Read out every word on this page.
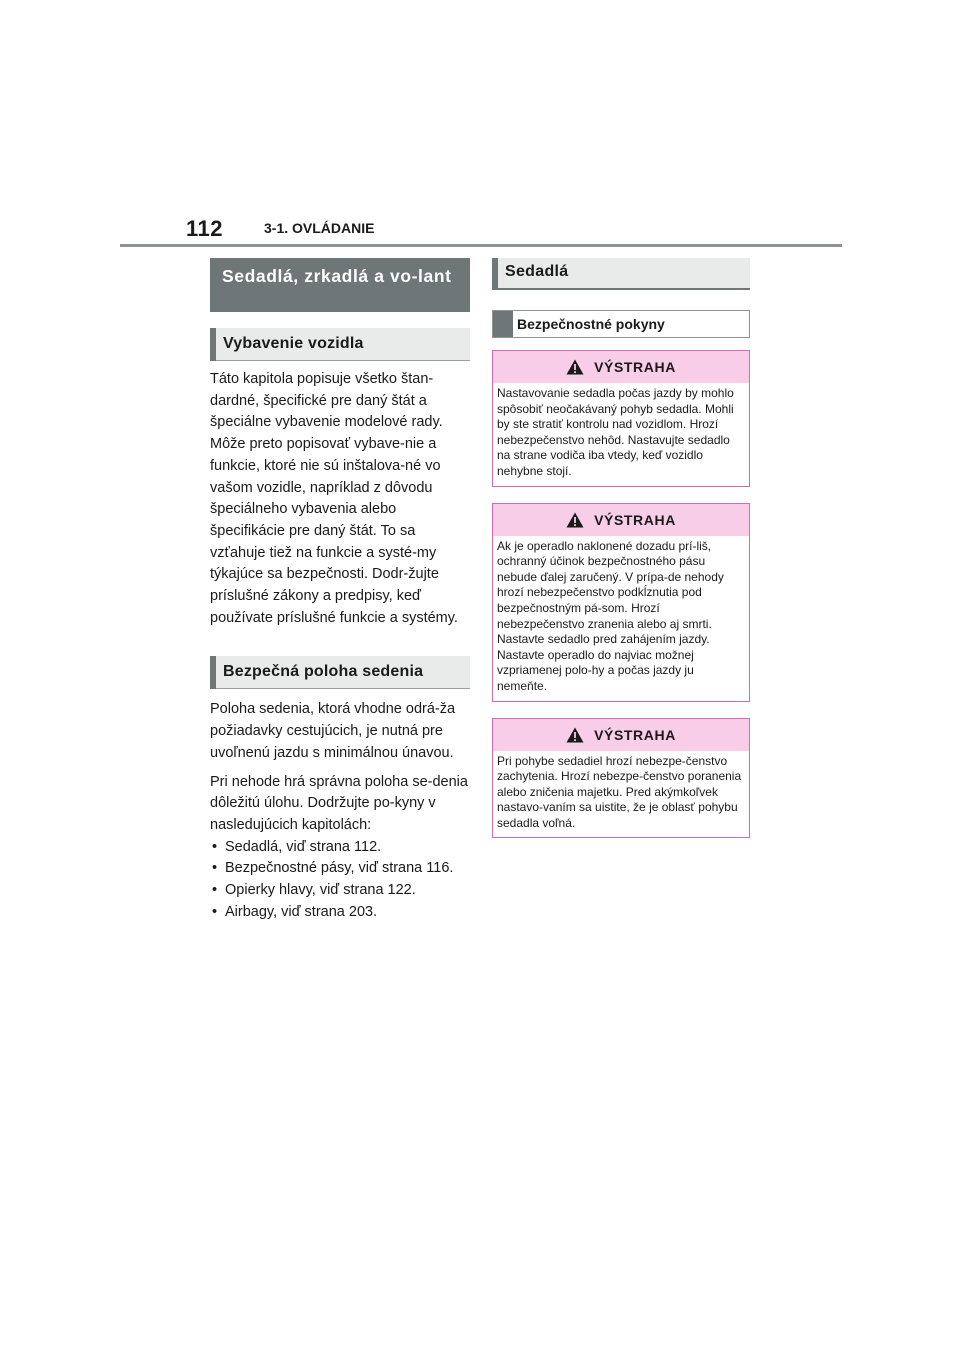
112	3-1. OVLÁDANIE
Sedadlá, zrkadlá a vo-lant
Vybavenie vozidla

Táto kapitola popisuje všetko štan-dardné, špecifické pre daný štát a špeciálne vybavenie modelové rady. Môže preto popisovať vybave-nie a funkcie, ktoré nie sú inštalova-né vo vašom vozidle, napríklad z dôvodu špeciálneho vybavenia alebo špecifikácie pre daný štát. To sa vzťahuje tiež na funkcie a systé-my týkajúce sa bezpečnosti. Dodr-žujte príslušné zákony a predpisy, keď používate príslušné funkcie a systémy.

Bezpečná poloha sedenia

Poloha sedenia, ktorá vhodne odrá-ža požiadavky cestujúcich, je nutná pre uvoľnenú jazdu s minimálnou únavou.

Pri nehode hrá správna poloha se-denia dôležitú úlohu. Dodržujte po-kyny v nasledujúcich kapitolách:

• Sedadlá, viď strana 112.
• Bezpečnostné pásy, viď strana 116.
• Opierky hlavy, viď strana 122.
• Airbagy, viď strana 203.
Sedadlá
Bezpečnostné pokyny
VÝSTRAHA
Nastavovanie sedadla počas jazdy by mohlo spôsobiť neočakávaný pohyb sedadla. Mohli by ste stratiť kontrolu nad vozidlom. Hrozí nebezpečenstvo nehôd. Nastavujte sedadlo na strane vodiča iba vtedy, keď vozidlo nehybne stojí.
VÝSTRAHA
Ak je operadlo naklonené dozadu prí-liš, ochranný účinok bezpečnostného pásu nebude ďalej zaručený. V prípa-de nehody hrozí nebezpečenstvo podkĺznutia pod bezpečnostným pá-som. Hrozí nebezpečenstvo zranenia alebo aj smrti. Nastavte sedadlo pred zahájením jazdy. Nastavte operadlo do najviac možnej vzpriamenej polo-hy a počas jazdy ju nemeňte.
VÝSTRAHA
Pri pohybe sedadiel hrozí nebezpe-čenstvo zachytenia. Hrozí nebezpe-čenstvo poranenia alebo zničenia majetku. Pred akýmkoľvek nastavo-vaním sa uistite, že je oblasť pohybu sedadla voľná.
